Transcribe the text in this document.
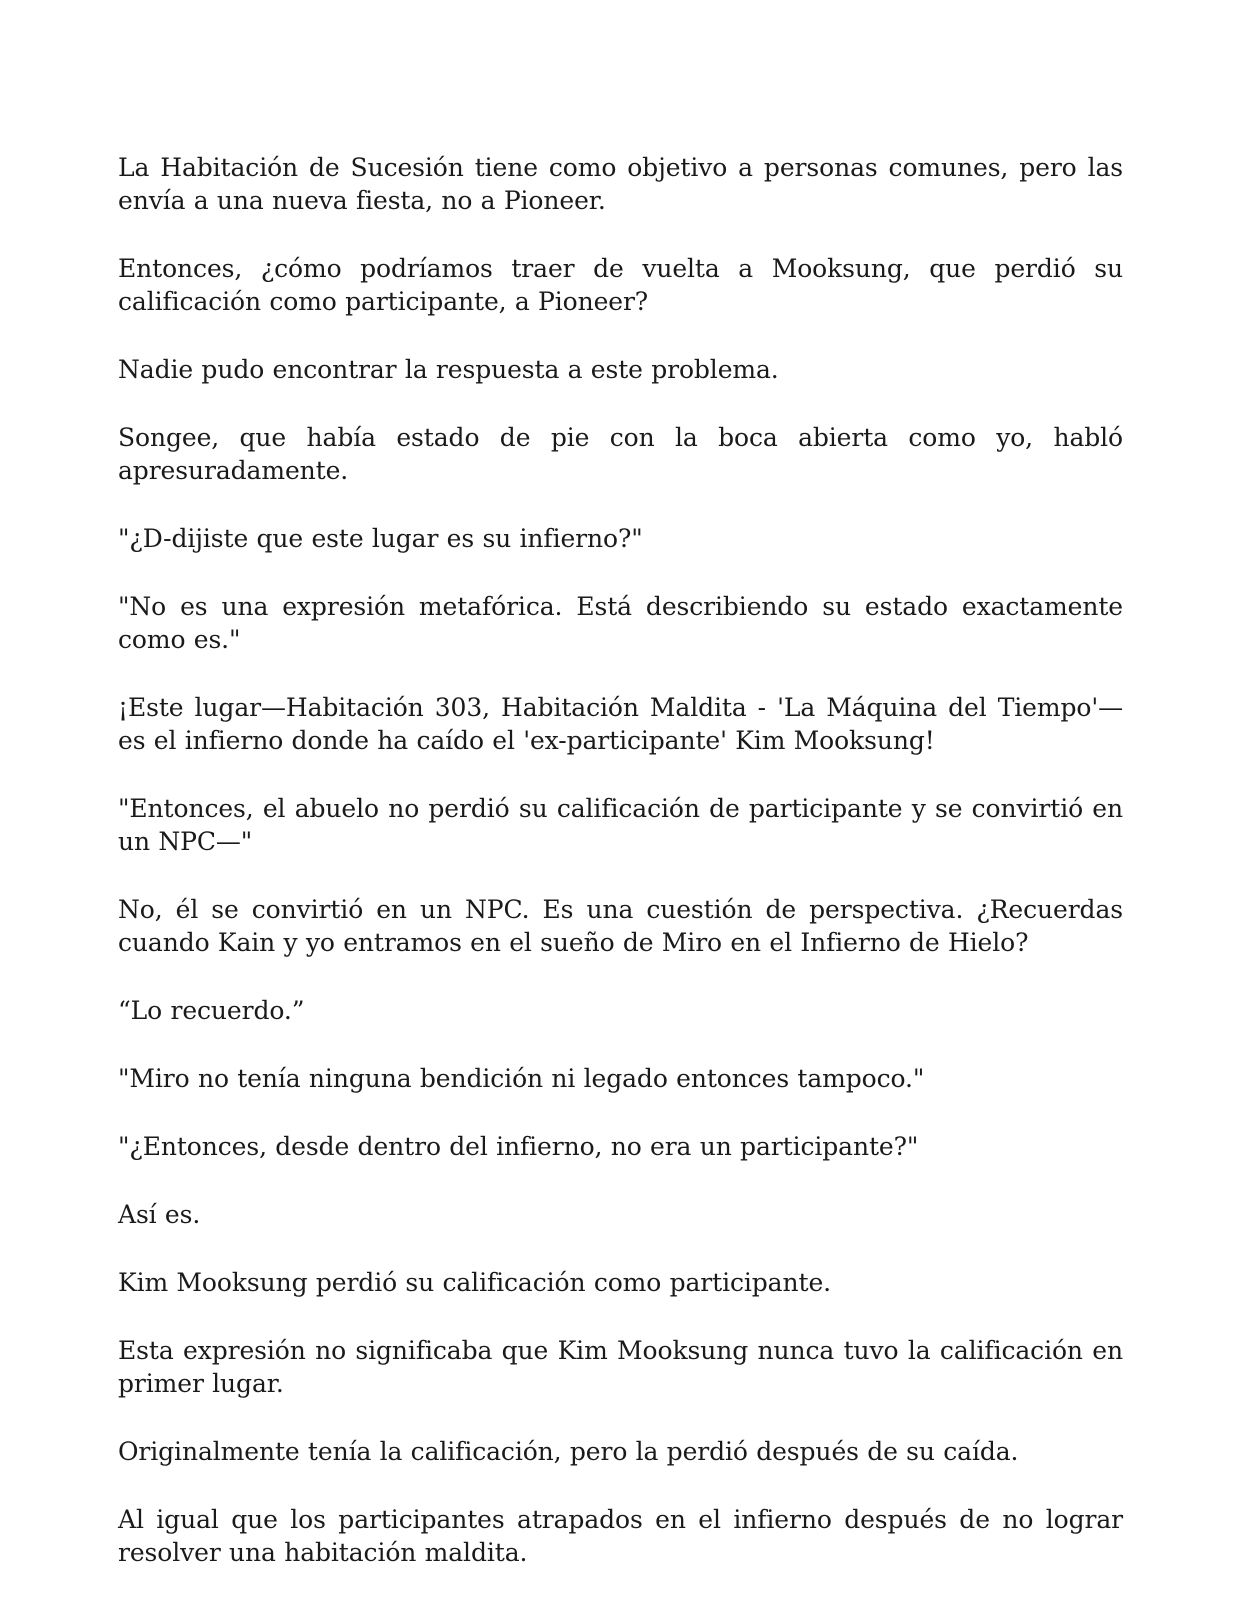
La Habitación de Sucesión tiene como objetivo a personas comunes, pero las envía a una nueva fiesta, no a Pioneer.

Entonces, ¿cómo podríamos traer de vuelta a Mooksung, que perdió su calificación como participante, a Pioneer?

Nadie pudo encontrar la respuesta a este problema.

Songee, que había estado de pie con la boca abierta como yo, habló apresuradamente.

"¿D-dijiste que este lugar es su infierno?"

"No es una expresión metafórica. Está describiendo su estado exactamente como es."

¡Este lugar—Habitación 303, Habitación Maldita - 'La Máquina del Tiempo'—es el infierno donde ha caído el 'ex-participante' Kim Mooksung!

"Entonces, el abuelo no perdió su calificación de participante y se convirtió en un NPC—"

No, él se convirtió en un NPC. Es una cuestión de perspectiva. ¿Recuerdas cuando Kain y yo entramos en el sueño de Miro en el Infierno de Hielo?

“Lo recuerdo.”

"Miro no tenía ninguna bendición ni legado entonces tampoco."

"¿Entonces, desde dentro del infierno, no era un participante?"

Así es.

Kim Mooksung perdió su calificación como participante.

Esta expresión no significaba que Kim Mooksung nunca tuvo la calificación en primer lugar.

Originalmente tenía la calificación, pero la perdió después de su caída.

Al igual que los participantes atrapados en el infierno después de no lograr resolver una habitación maldita.
